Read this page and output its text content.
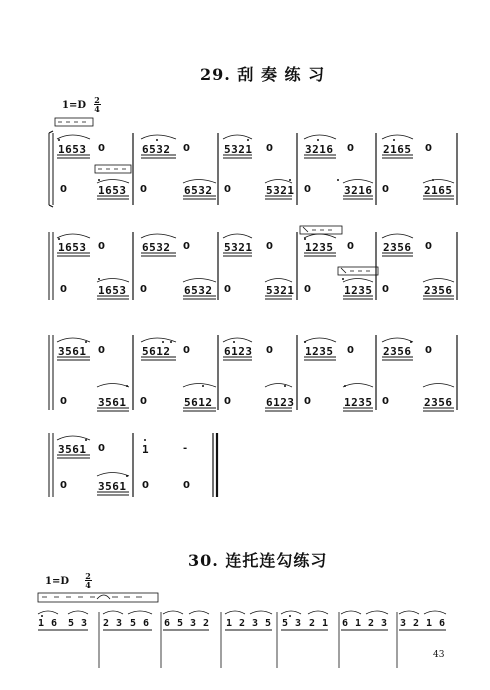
29. 刮 奏 练 习
1=D 2
4
1653 0	6532 0	5321 0	3216 0	2165 0
0	1653 0	6532 0	5321 0	3216 0	2165
1653 0	6532 0	5321 0	1235 0	2356 0
0	1653 0	6532 0	5321 0	1235 0	2356
3561 0	5612 0	6123 0	1235 0	2356 0
0	3561 0	5612 0	6123 0	1235 0	2356
3561 0	1	-
0	3561 0	0
30. 连托连勾练习
1=D 2
4
1 6 5 3 2 3 5 6 6 5 3 2 1 2 3 5 5 3 2 1 6 1 2 3 3 2 1 6
43
